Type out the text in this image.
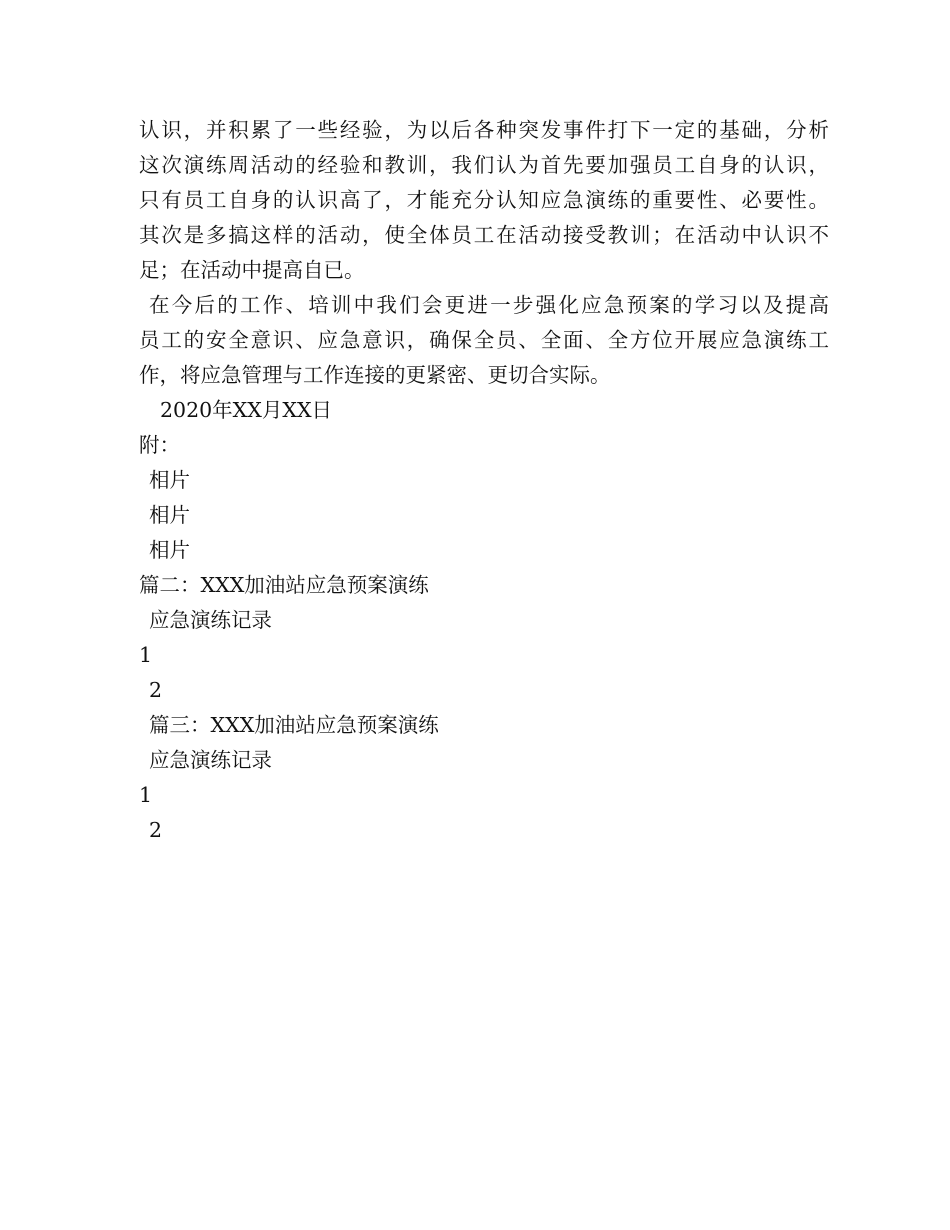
认识，并积累了一些经验，为以后各种突发事件打下一定的基础，分析
这次演练周活动的经验和教训，我们认为首先要加强员工自身的认识，
只有员工自身的认识高了，才能充分认知应急演练的重要性、必要性。
其次是多搞这样的活动，使全体员工在活动接受教训；在活动中认识不
足；在活动中提高自已。
在今后的工作、培训中我们会更进一步强化应急预案的学习以及提高
员工的安全意识、应急意识，确保全员、全面、全方位开展应急演练工
作，将应急管理与工作连接的更紧密、更切合实际。
2020年XX月XX日
附：
相片
相片
相片
篇二：XXX加油站应急预案演练
应急演练记录
1
2
篇三：XXX加油站应急预案演练
应急演练记录
1
2
